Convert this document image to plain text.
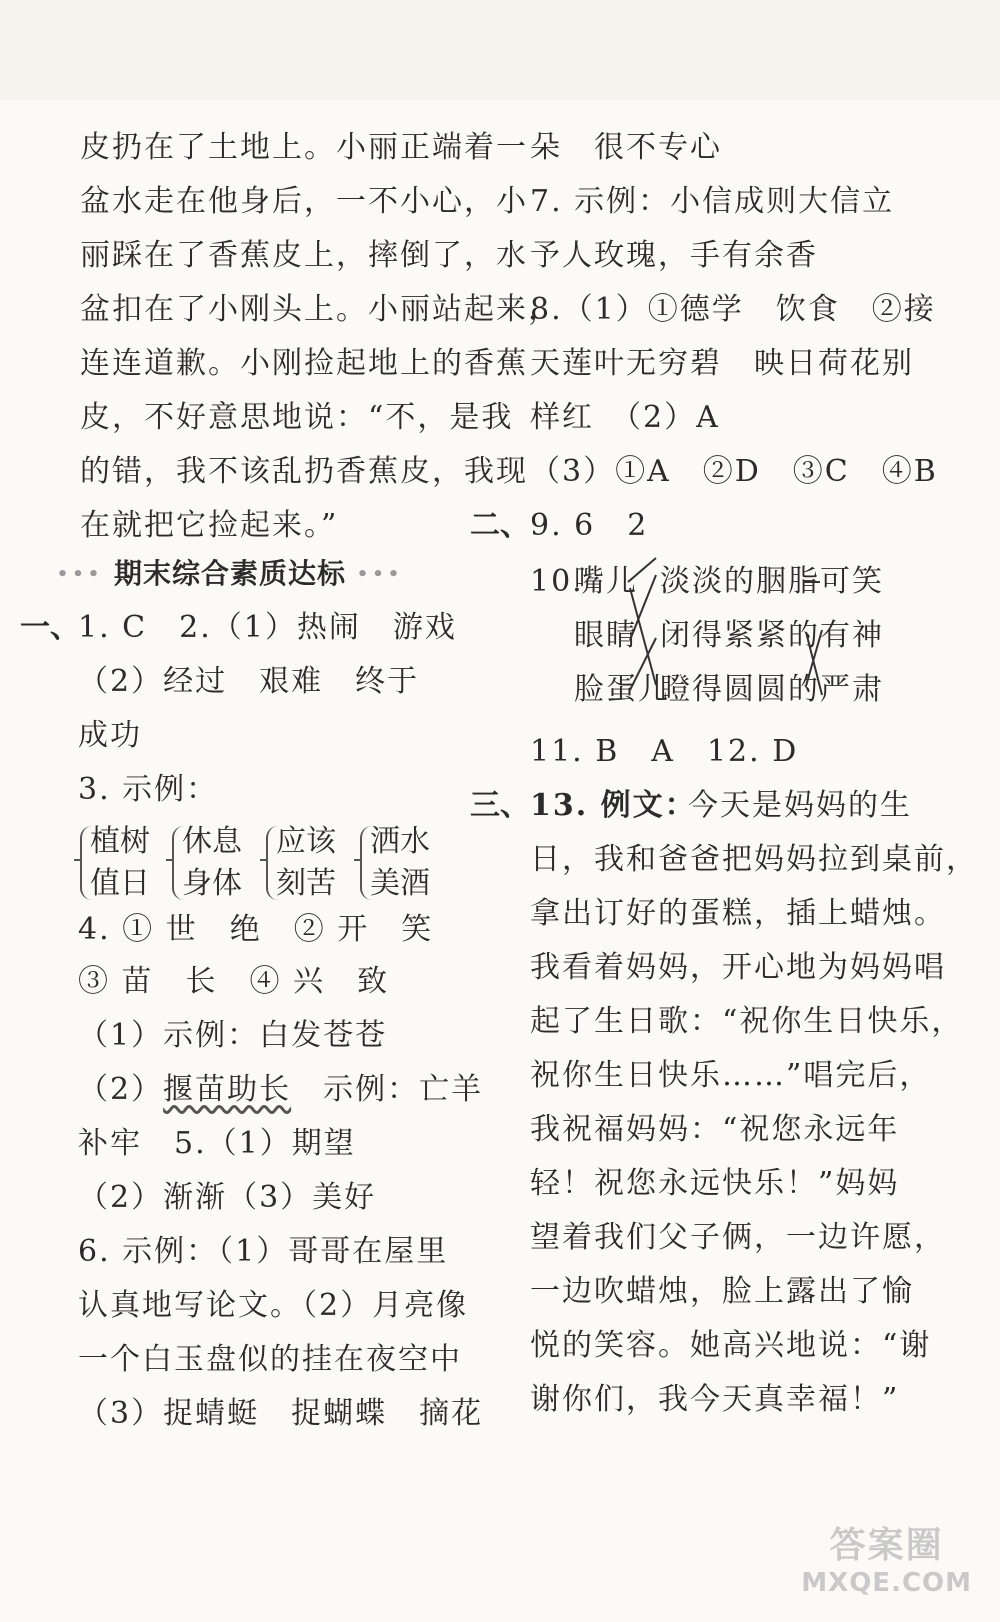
皮扔在了土地上。小丽正端着一
盆水走在他身后，一不小心，小
丽踩在了香蕉皮上，摔倒了，水
盆扣在了小刚头上。小丽站起来，
连连道歉。小刚捡起地上的香蕉
皮，不好意思地说：“不，是我
的错，我不该乱扔香蕉皮，我现
在就把它捡起来。”
••• 期末综合素质达标 •••
一、
1. C　2.（1）热闹　游戏
（2）经过　艰难　终于
成功
3. 示例：
植树
值日
休息
身体
应该
刻苦
洒水
美酒
4. ① 世　绝　② 开　笑
③ 苗　长　④ 兴　致
（1）示例：白发苍苍
（2）揠苗助长　示例：亡羊
补牢　5.（1）期望
（2）渐渐（3）美好
6. 示例：（1）哥哥在屋里
认真地写论文。（2）月亮像
一个白玉盘似的挂在夜空中
（3）捉蜻蜓　捉蝴蝶　摘花
朵　很不专心
7. 示例：小信成则大信立
予人玫瑰，手有余香
8.（1）①德学　饮食　②接
天莲叶无穷碧　映日荷花别
样红　（2）A
（3）①A　②D　③C　④B
二、 9. 6　2
10.
嘴儿
眼睛
脸蛋儿
淡淡的胭脂
闭得紧紧的
瞪得圆圆的
可笑
有神
严肃
11. B　A　12. D
三、 13. 例文：
今天是妈妈的生
日，我和爸爸把妈妈拉到桌前，
拿出订好的蛋糕，插上蜡烛。
我看着妈妈，开心地为妈妈唱
起了生日歌：“祝你生日快乐，
祝你生日快乐……”唱完后，
我祝福妈妈：“祝您永远年
轻！祝您永远快乐！”妈妈
望着我们父子俩，一边许愿，
一边吹蜡烛，脸上露出了愉
悦的笑容。她高兴地说：“谢
谢你们，我今天真幸福！”
答案圈
MXQE.COM
